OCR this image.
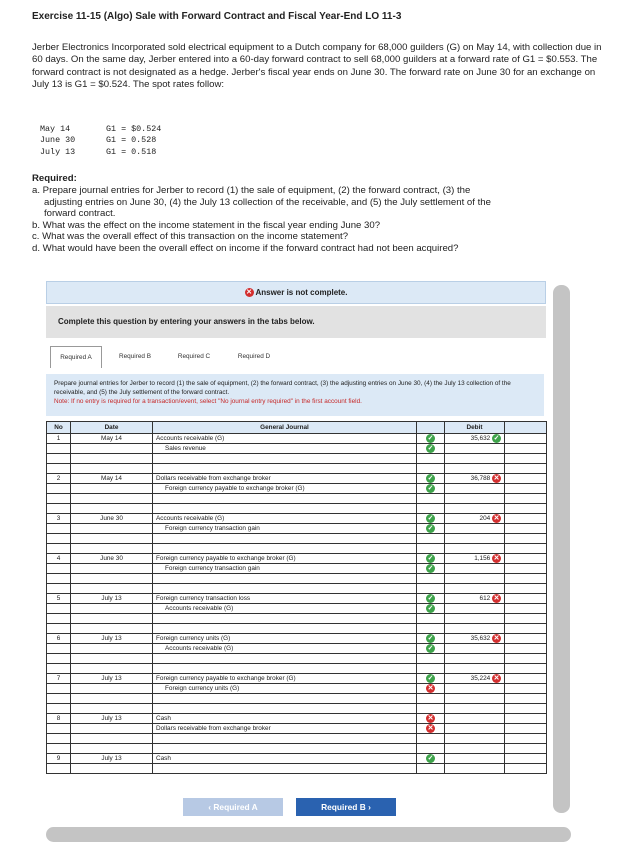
Exercise 11-15 (Algo) Sale with Forward Contract and Fiscal Year-End LO 11-3
Jerber Electronics Incorporated sold electrical equipment to a Dutch company for 68,000 guilders (G) on May 14, with collection due in 60 days. On the same day, Jerber entered into a 60-day forward contract to sell 68,000 guilders at a forward rate of G1 = $0.553. The forward contract is not designated as a hedge. Jerber's fiscal year ends on June 30. The forward rate on June 30 for an exchange on July 13 is G1 = $0.524. The spot rates follow:
May 14	G1 = $0.524
June 30	G1 = 0.528
July 13	G1 = 0.518
Required:
a. Prepare journal entries for Jerber to record (1) the sale of equipment, (2) the forward contract, (3) the
adjusting entries on June 30, (4) the July 13 collection of the receivable, and (5) the July settlement of the
forward contract.
b. What was the effect on the income statement in the fiscal year ending June 30?
c. What was the overall effect of this transaction on the income statement?
d. What would have been the overall effect on income if the forward contract had not been acquired?
✕ Answer is not complete.
Complete this question by entering your answers in the tabs below.
Required A	Required B	Required C	Required D
Prepare journal entries for Jerber to record (1) the sale of equipment, (2) the forward contract, (3) the adjusting entries on June 30, (4) the July 13 collection of the receivable, and (5) the July settlement of the forward contract.
Note: If no entry is required for a transaction/event, select "No journal entry required" in the first account field.
No	Date	General Journal		Debit	
1	May 14	Accounts receivable (G)	✓	35,632 ✓	
		Sales revenue	✓		

2	May 14	Dollars receivable from exchange broker	✓	36,788 ✕	
		Foreign currency payable to exchange broker (G)	✓		

3	June 30	Accounts receivable (G)	✓	204 ✕	
		Foreign currency transaction gain	✓		

4	June 30	Foreign currency payable to exchange broker (G)	✓	1,156 ✕	
		Foreign currency transaction gain	✓		

5	July 13	Foreign currency transaction loss	✓	612 ✕	
		Accounts receivable (G)	✓		

6	July 13	Foreign currency units (G)	✓	35,632 ✕	
		Accounts receivable (G)	✓		

7	July 13	Foreign currency payable to exchange broker (G)	✓	35,224 ✕	
		Foreign currency units (G)	✕		

8	July 13	Cash	✕		
		Dollars receivable from exchange broker	✕		

9	July 13	Cash	✓		

‹ Required A	Required B ›
